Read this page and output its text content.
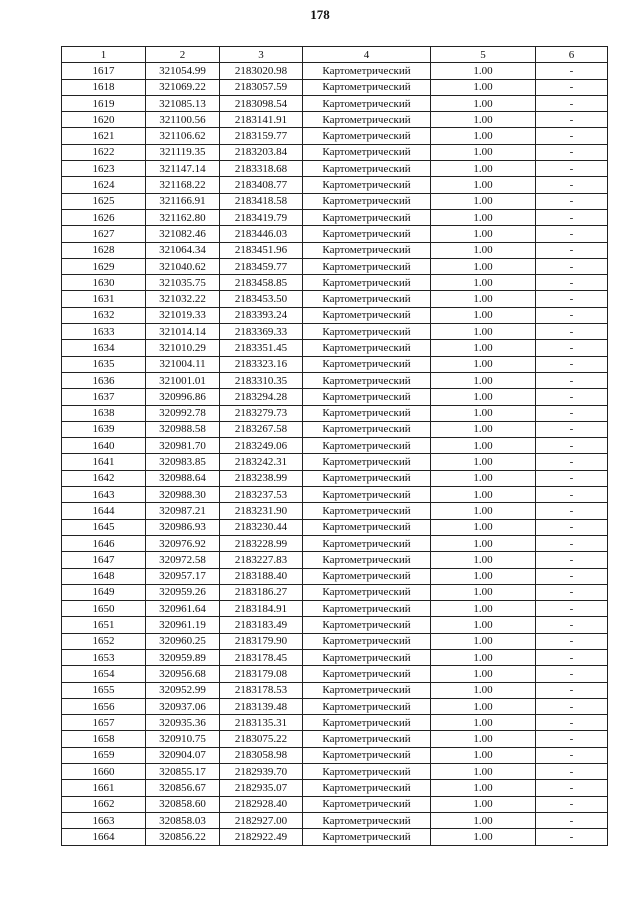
178
1	2	3	4	5	6
1617	321054.99	2183020.98	Картометрический	1.00	-
1618	321069.22	2183057.59	Картометрический	1.00	-
1619	321085.13	2183098.54	Картометрический	1.00	-
1620	321100.56	2183141.91	Картометрический	1.00	-
1621	321106.62	2183159.77	Картометрический	1.00	-
1622	321119.35	2183203.84	Картометрический	1.00	-
1623	321147.14	2183318.68	Картометрический	1.00	-
1624	321168.22	2183408.77	Картометрический	1.00	-
1625	321166.91	2183418.58	Картометрический	1.00	-
1626	321162.80	2183419.79	Картометрический	1.00	-
1627	321082.46	2183446.03	Картометрический	1.00	-
1628	321064.34	2183451.96	Картометрический	1.00	-
1629	321040.62	2183459.77	Картометрический	1.00	-
1630	321035.75	2183458.85	Картометрический	1.00	-
1631	321032.22	2183453.50	Картометрический	1.00	-
1632	321019.33	2183393.24	Картометрический	1.00	-
1633	321014.14	2183369.33	Картометрический	1.00	-
1634	321010.29	2183351.45	Картометрический	1.00	-
1635	321004.11	2183323.16	Картометрический	1.00	-
1636	321001.01	2183310.35	Картометрический	1.00	-
1637	320996.86	2183294.28	Картометрический	1.00	-
1638	320992.78	2183279.73	Картометрический	1.00	-
1639	320988.58	2183267.58	Картометрический	1.00	-
1640	320981.70	2183249.06	Картометрический	1.00	-
1641	320983.85	2183242.31	Картометрический	1.00	-
1642	320988.64	2183238.99	Картометрический	1.00	-
1643	320988.30	2183237.53	Картометрический	1.00	-
1644	320987.21	2183231.90	Картометрический	1.00	-
1645	320986.93	2183230.44	Картометрический	1.00	-
1646	320976.92	2183228.99	Картометрический	1.00	-
1647	320972.58	2183227.83	Картометрический	1.00	-
1648	320957.17	2183188.40	Картометрический	1.00	-
1649	320959.26	2183186.27	Картометрический	1.00	-
1650	320961.64	2183184.91	Картометрический	1.00	-
1651	320961.19	2183183.49	Картометрический	1.00	-
1652	320960.25	2183179.90	Картометрический	1.00	-
1653	320959.89	2183178.45	Картометрический	1.00	-
1654	320956.68	2183179.08	Картометрический	1.00	-
1655	320952.99	2183178.53	Картометрический	1.00	-
1656	320937.06	2183139.48	Картометрический	1.00	-
1657	320935.36	2183135.31	Картометрический	1.00	-
1658	320910.75	2183075.22	Картометрический	1.00	-
1659	320904.07	2183058.98	Картометрический	1.00	-
1660	320855.17	2182939.70	Картометрический	1.00	-
1661	320856.67	2182935.07	Картометрический	1.00	-
1662	320858.60	2182928.40	Картометрический	1.00	-
1663	320858.03	2182927.00	Картометрический	1.00	-
1664	320856.22	2182922.49	Картометрический	1.00	-
